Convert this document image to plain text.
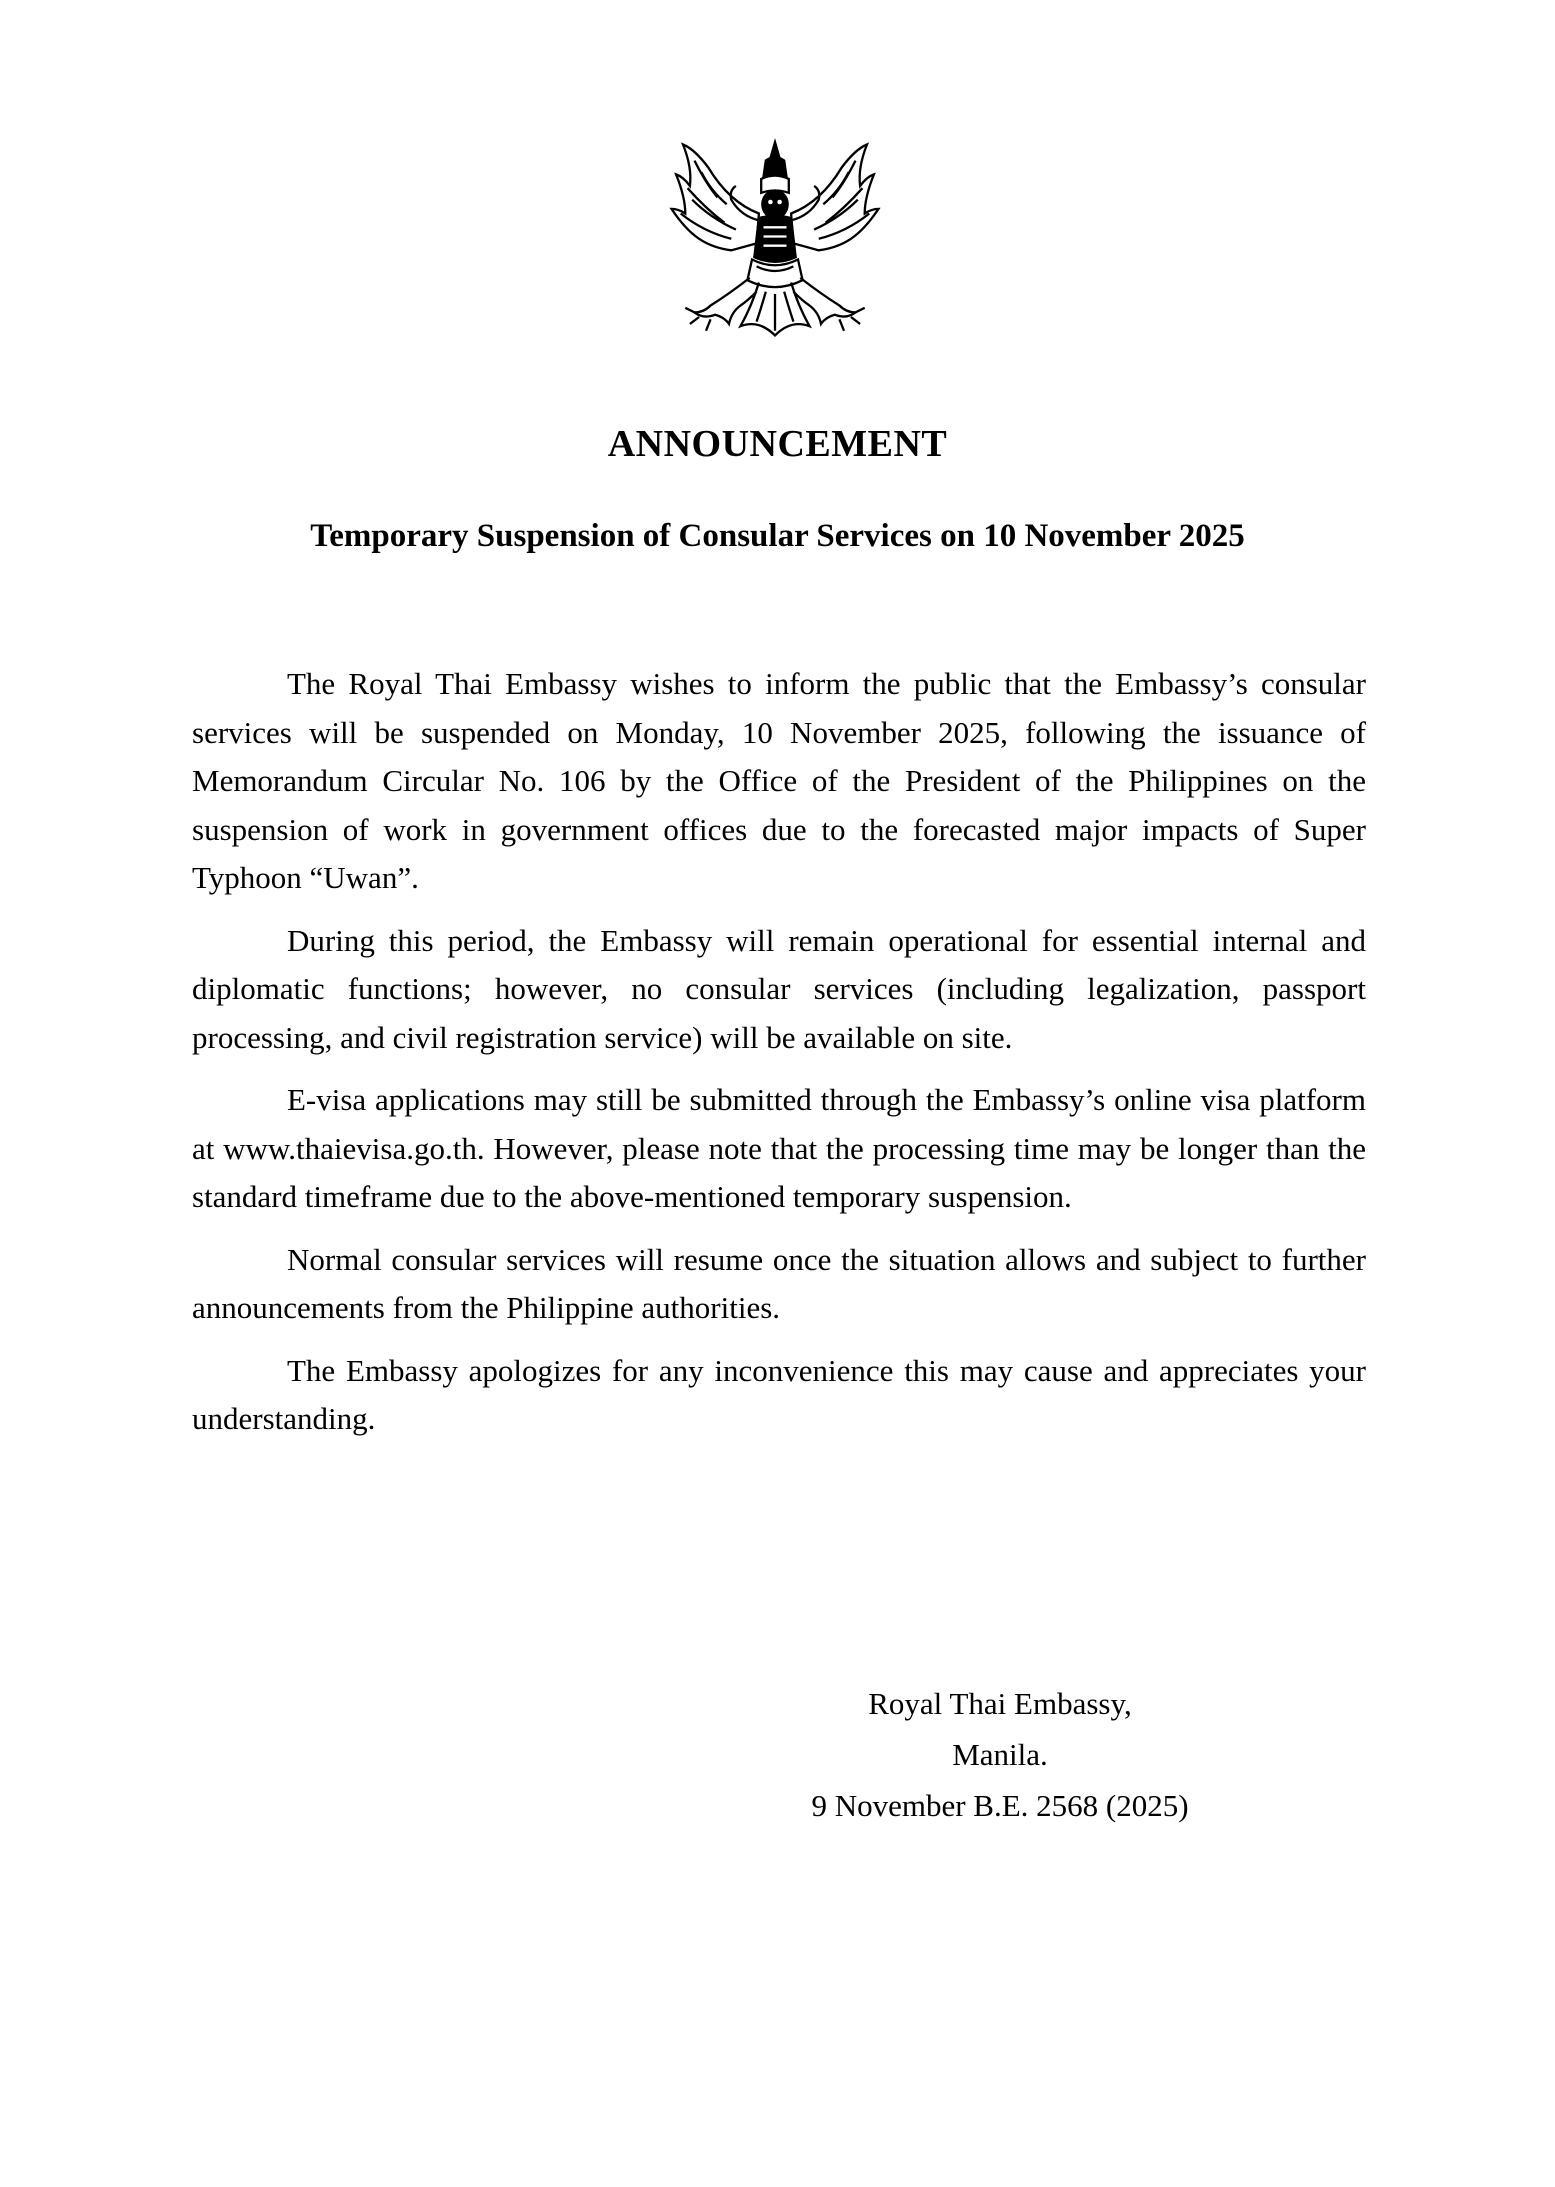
ANNOUNCEMENT
Temporary Suspension of Consular Services on 10 November 2025

The Royal Thai Embassy wishes to inform the public that the Embassy’s consular services will be suspended on Monday, 10 November 2025, following the issuance of Memorandum Circular No. 106 by the Office of the President of the Philippines on the suspension of work in government offices due to the forecasted major impacts of Super Typhoon “Uwan”.

During this period, the Embassy will remain operational for essential internal and diplomatic functions; however, no consular services (including legalization, passport processing, and civil registration service) will be available on site.

E-visa applications may still be submitted through the Embassy’s online visa platform at www.thaievisa.go.th. However, please note that the processing time may be longer than the standard timeframe due to the above-mentioned temporary suspension.

Normal consular services will resume once the situation allows and subject to further announcements from the Philippine authorities.

The Embassy apologizes for any inconvenience this may cause and appreciates your understanding.

Royal Thai Embassy,
Manila.
9 November B.E. 2568 (2025)
